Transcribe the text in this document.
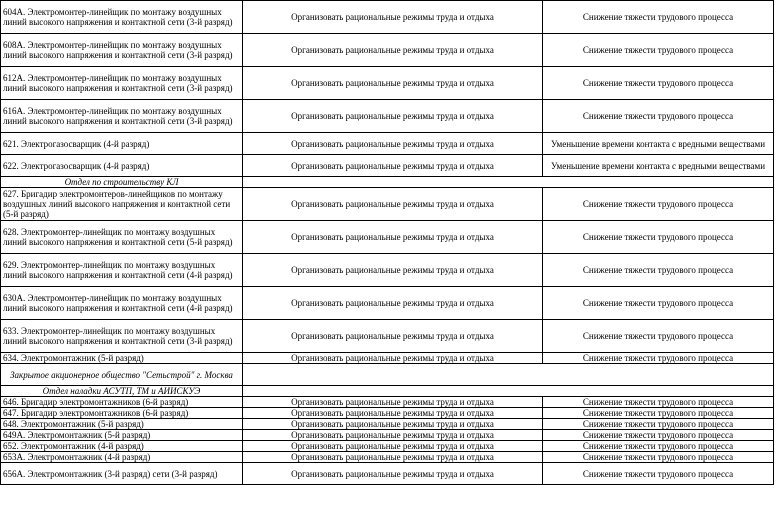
604А. Электромонтер-линейщик по монтажу воздушных линий высокого напряжения и контактной сети (3-й разряд)	Организовать рациональные режимы труда и отдыха	Снижение тяжести трудового процесса
608А. Электромонтер-линейщик по монтажу воздушных линий высокого напряжения и контактной сети (3-й разряд)	Организовать рациональные режимы труда и отдыха	Снижение тяжести трудового процесса
612А. Электромонтер-линейщик по монтажу воздушных линий высокого напряжения и контактной сети (3-й разряд)	Организовать рациональные режимы труда и отдыха	Снижение тяжести трудового процесса
616А. Электромонтер-линейщик по монтажу воздушных линий высокого напряжения и контактной сети (3-й разряд)	Организовать рациональные режимы труда и отдыха	Снижение тяжести трудового процесса
621. Электрогазосварщик (4-й разряд)	Организовать рациональные режимы труда и отдыха	Уменьшение времени контакта с вредными веществами
622. Электрогазосварщик (4-й разряд)	Организовать рациональные режимы труда и отдыха	Уменьшение времени контакта с вредными веществами
Отдел по строительству КЛ		
627. Бригадир электромонтеров-линейщиков по монтажу воздушных линий высокого напряжения и контактной сети (5-й разряд)	Организовать рациональные режимы труда и отдыха	Снижение тяжести трудового процесса
628. Электромонтер-линейщик по монтажу воздушных линий высокого напряжения и контактной сети (5-й разряд)	Организовать рациональные режимы труда и отдыха	Снижение тяжести трудового процесса
629. Электромонтер-линейщик по монтажу воздушных линий высокого напряжения и контактной сети (4-й разряд)	Организовать рациональные режимы труда и отдыха	Снижение тяжести трудового процесса
630А. Электромонтер-линейщик по монтажу воздушных линий высокого напряжения и контактной сети (4-й разряд)	Организовать рациональные режимы труда и отдыха	Снижение тяжести трудового процесса
633. Электромонтер-линейщик по монтажу воздушных линий высокого напряжения и контактной сети (3-й разряд)	Организовать рациональные режимы труда и отдыха	Снижение тяжести трудового процесса
634. Электромонтажник (5-й разряд)	Организовать рациональные режимы труда и отдыха	Снижение тяжести трудового процесса
Закрытое акционерное общество "Сетьстрой" г. Москва		
Отдел наладки АСУТП, ТМ и АИИСКУЭ		
646. Бригадир электромонтажников (6-й разряд)	Организовать рациональные режимы труда и отдыха	Снижение тяжести трудового процесса
647. Бригадир электромонтажников (6-й разряд)	Организовать рациональные режимы труда и отдыха	Снижение тяжести трудового процесса
648. Электромонтажник (5-й разряд)	Организовать рациональные режимы труда и отдыха	Снижение тяжести трудового процесса
649А. Электромонтажник (5-й разряд)	Организовать рациональные режимы труда и отдыха	Снижение тяжести трудового процесса
652. Электромонтажник (4-й разряд)	Организовать рациональные режимы труда и отдыха	Снижение тяжести трудового процесса
653А. Электромонтажник (4-й разряд)	Организовать рациональные режимы труда и отдыха	Снижение тяжести трудового процесса
656А. Электромонтажник (3-й разряд) сети (3-й разряд)	Организовать рациональные режимы труда и отдыха	Снижение тяжести трудового процесса
